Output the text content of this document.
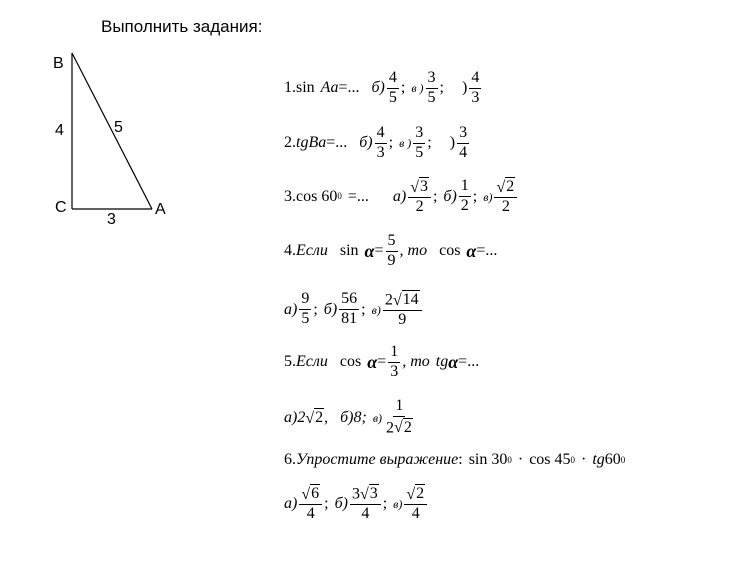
Выполнить задания:
B
C	A
4	5
3
1.sin Aa =... $б) \frac{4}{5}$ ; в ) $\frac{3}{5}$ ; ) $\frac{4}{3}$
2. tgBa =... $б) \frac{4}{3}$ ; в ) $\frac{3}{5}$ ; ) $\frac{3}{4}$
3.cos 60 0 =... $а) \frac{√ 3}{2}$ ; $б) \frac{1}{2}$ ; $в) \frac{√ 2}{2}$
4. Если $\sin \alpha = \frac{5}{9}$ , то cos α =...
$а) \frac{9}{5}$ ; $б) \frac{56}{81}$ ; $в) \frac{2 √ 14}{9}$
5. Если $\cos \alpha = \frac{1}{3}$ , то tg α =...
а)2 √ 2 , б)8; $в) \frac{1}{2 √ 2}$
6. Упростите выражение : sin 30 0 · cos 45 0 · tg 60 0
$а) \frac{√ 6}{4}$ ; $б) \frac{3 √ 3}{4}$ ; $в) \frac{√ 2}{4}$
